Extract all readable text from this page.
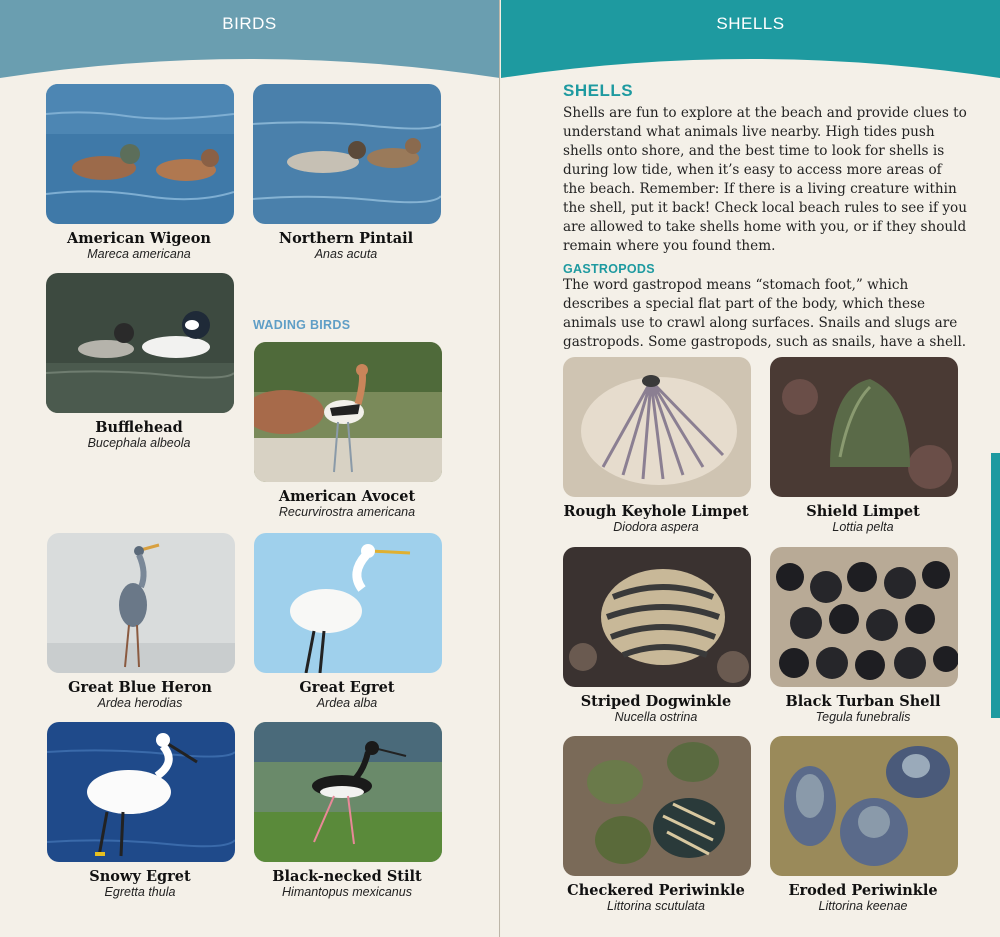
BIRDS
American Wigeon
Mareca americana
Northern Pintail
Anas acuta
Bufflehead
Bucephala albeola
WADING BIRDS
American Avocet
Recurvirostra americana
Great Blue Heron
Ardea herodias
Great Egret
Ardea alba
Snowy Egret
Egretta thula
Black-necked Stilt
Himantopus mexicanus
SHELLS
SHELLS
Shells are fun to explore at the beach and provide clues to understand what animals live nearby. High tides push shells onto shore, and the best time to look for shells is during low tide, when it’s easy to access more areas of the beach. Remember: If there is a living creature within the shell, put it back! Check local beach rules to see if you are allowed to take shells home with you, or if they should remain where you found them.
GASTROPODS
The word gastropod means “stomach foot,” which describes a special flat part of the body, which these animals use to crawl along surfaces. Snails and slugs are gastropods. Some gastropods, such as snails, have a shell.
Rough Keyhole Limpet
Diodora aspera
Shield Limpet
Lottia pelta
Striped Dogwinkle
Nucella ostrina
Black Turban Shell
Tegula funebralis
Checkered Periwinkle
Littorina scutulata
Eroded Periwinkle
Littorina keenae
